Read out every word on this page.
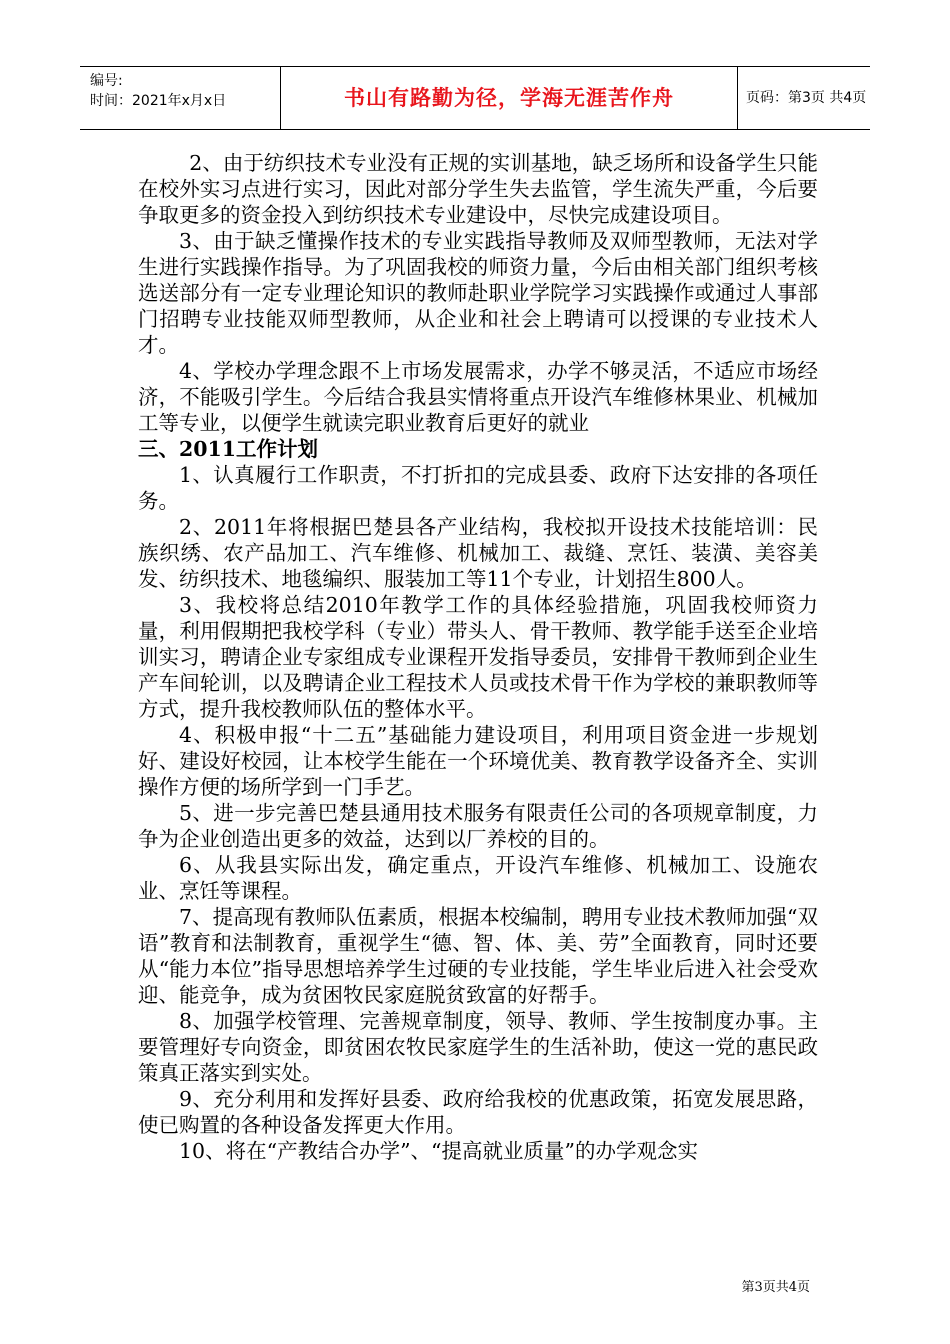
编号:
时间：2021年x月x日	书山有路勤为径，学海无涯苦作舟	页码：第3页 共4页

2、由于纺织技术专业没有正规的实训基地，缺乏场所和设备学生只能在校外实习点进行实习，因此对部分学生失去监管，学生流失严重，今后要争取更多的资金投入到纺织技术专业建设中，尽快完成建设项目。

3、由于缺乏懂操作技术的专业实践指导教师及双师型教师，无法对学生进行实践操作指导。为了巩固我校的师资力量，今后由相关部门组织考核选送部分有一定专业理论知识的教师赴职业学院学习实践操作或通过人事部门招聘专业技能双师型教师，从企业和社会上聘请可以授课的专业技术人才。

4、学校办学理念跟不上市场发展需求，办学不够灵活，不适应市场经济，不能吸引学生。今后结合我县实情将重点开设汽车维修林果业、机械加工等专业，以便学生就读完职业教育后更好的就业

三、2011工作计划

1、认真履行工作职责，不打折扣的完成县委、政府下达安排的各项任务。

2、2011年将根据巴楚县各产业结构，我校拟开设技术技能培训：民族织绣、农产品加工、汽车维修、机械加工、裁缝、烹饪、装潢、美容美发、纺织技术、地毯编织、服装加工等11个专业，计划招生800人。

3、我校将总结2010年教学工作的具体经验措施，巩固我校师资力量，利用假期把我校学科（专业）带头人、骨干教师、教学能手送至企业培训实习，聘请企业专家组成专业课程开发指导委员，安排骨干教师到企业生产车间轮训，以及聘请企业工程技术人员或技术骨干作为学校的兼职教师等方式，提升我校教师队伍的整体水平。

4、积极申报“十二五”基础能力建设项目，利用项目资金进一步规划好、建设好校园，让本校学生能在一个环境优美、教育教学设备齐全、实训操作方便的场所学到一门手艺。

5、进一步完善巴楚县通用技术服务有限责任公司的各项规章制度，力争为企业创造出更多的效益，达到以厂养校的目的。

6、从我县实际出发，确定重点，开设汽车维修、机械加工、设施农业、烹饪等课程。

7、提高现有教师队伍素质，根据本校编制，聘用专业技术教师加强“双语”教育和法制教育，重视学生“德、智、体、美、劳”全面教育，同时还要从“能力本位”指导思想培养学生过硬的专业技能，学生毕业后进入社会受欢迎、能竞争，成为贫困牧民家庭脱贫致富的好帮手。

8、加强学校管理、完善规章制度，领导、教师、学生按制度办事。主要管理好专向资金，即贫困农牧民家庭学生的生活补助，使这一党的惠民政策真正落实到实处。

9、充分利用和发挥好县委、政府给我校的优惠政策，拓宽发展思路，使已购置的各种设备发挥更大作用。

10、将在“产教结合办学”、“提高就业质量”的办学观念实

第3页共4页
